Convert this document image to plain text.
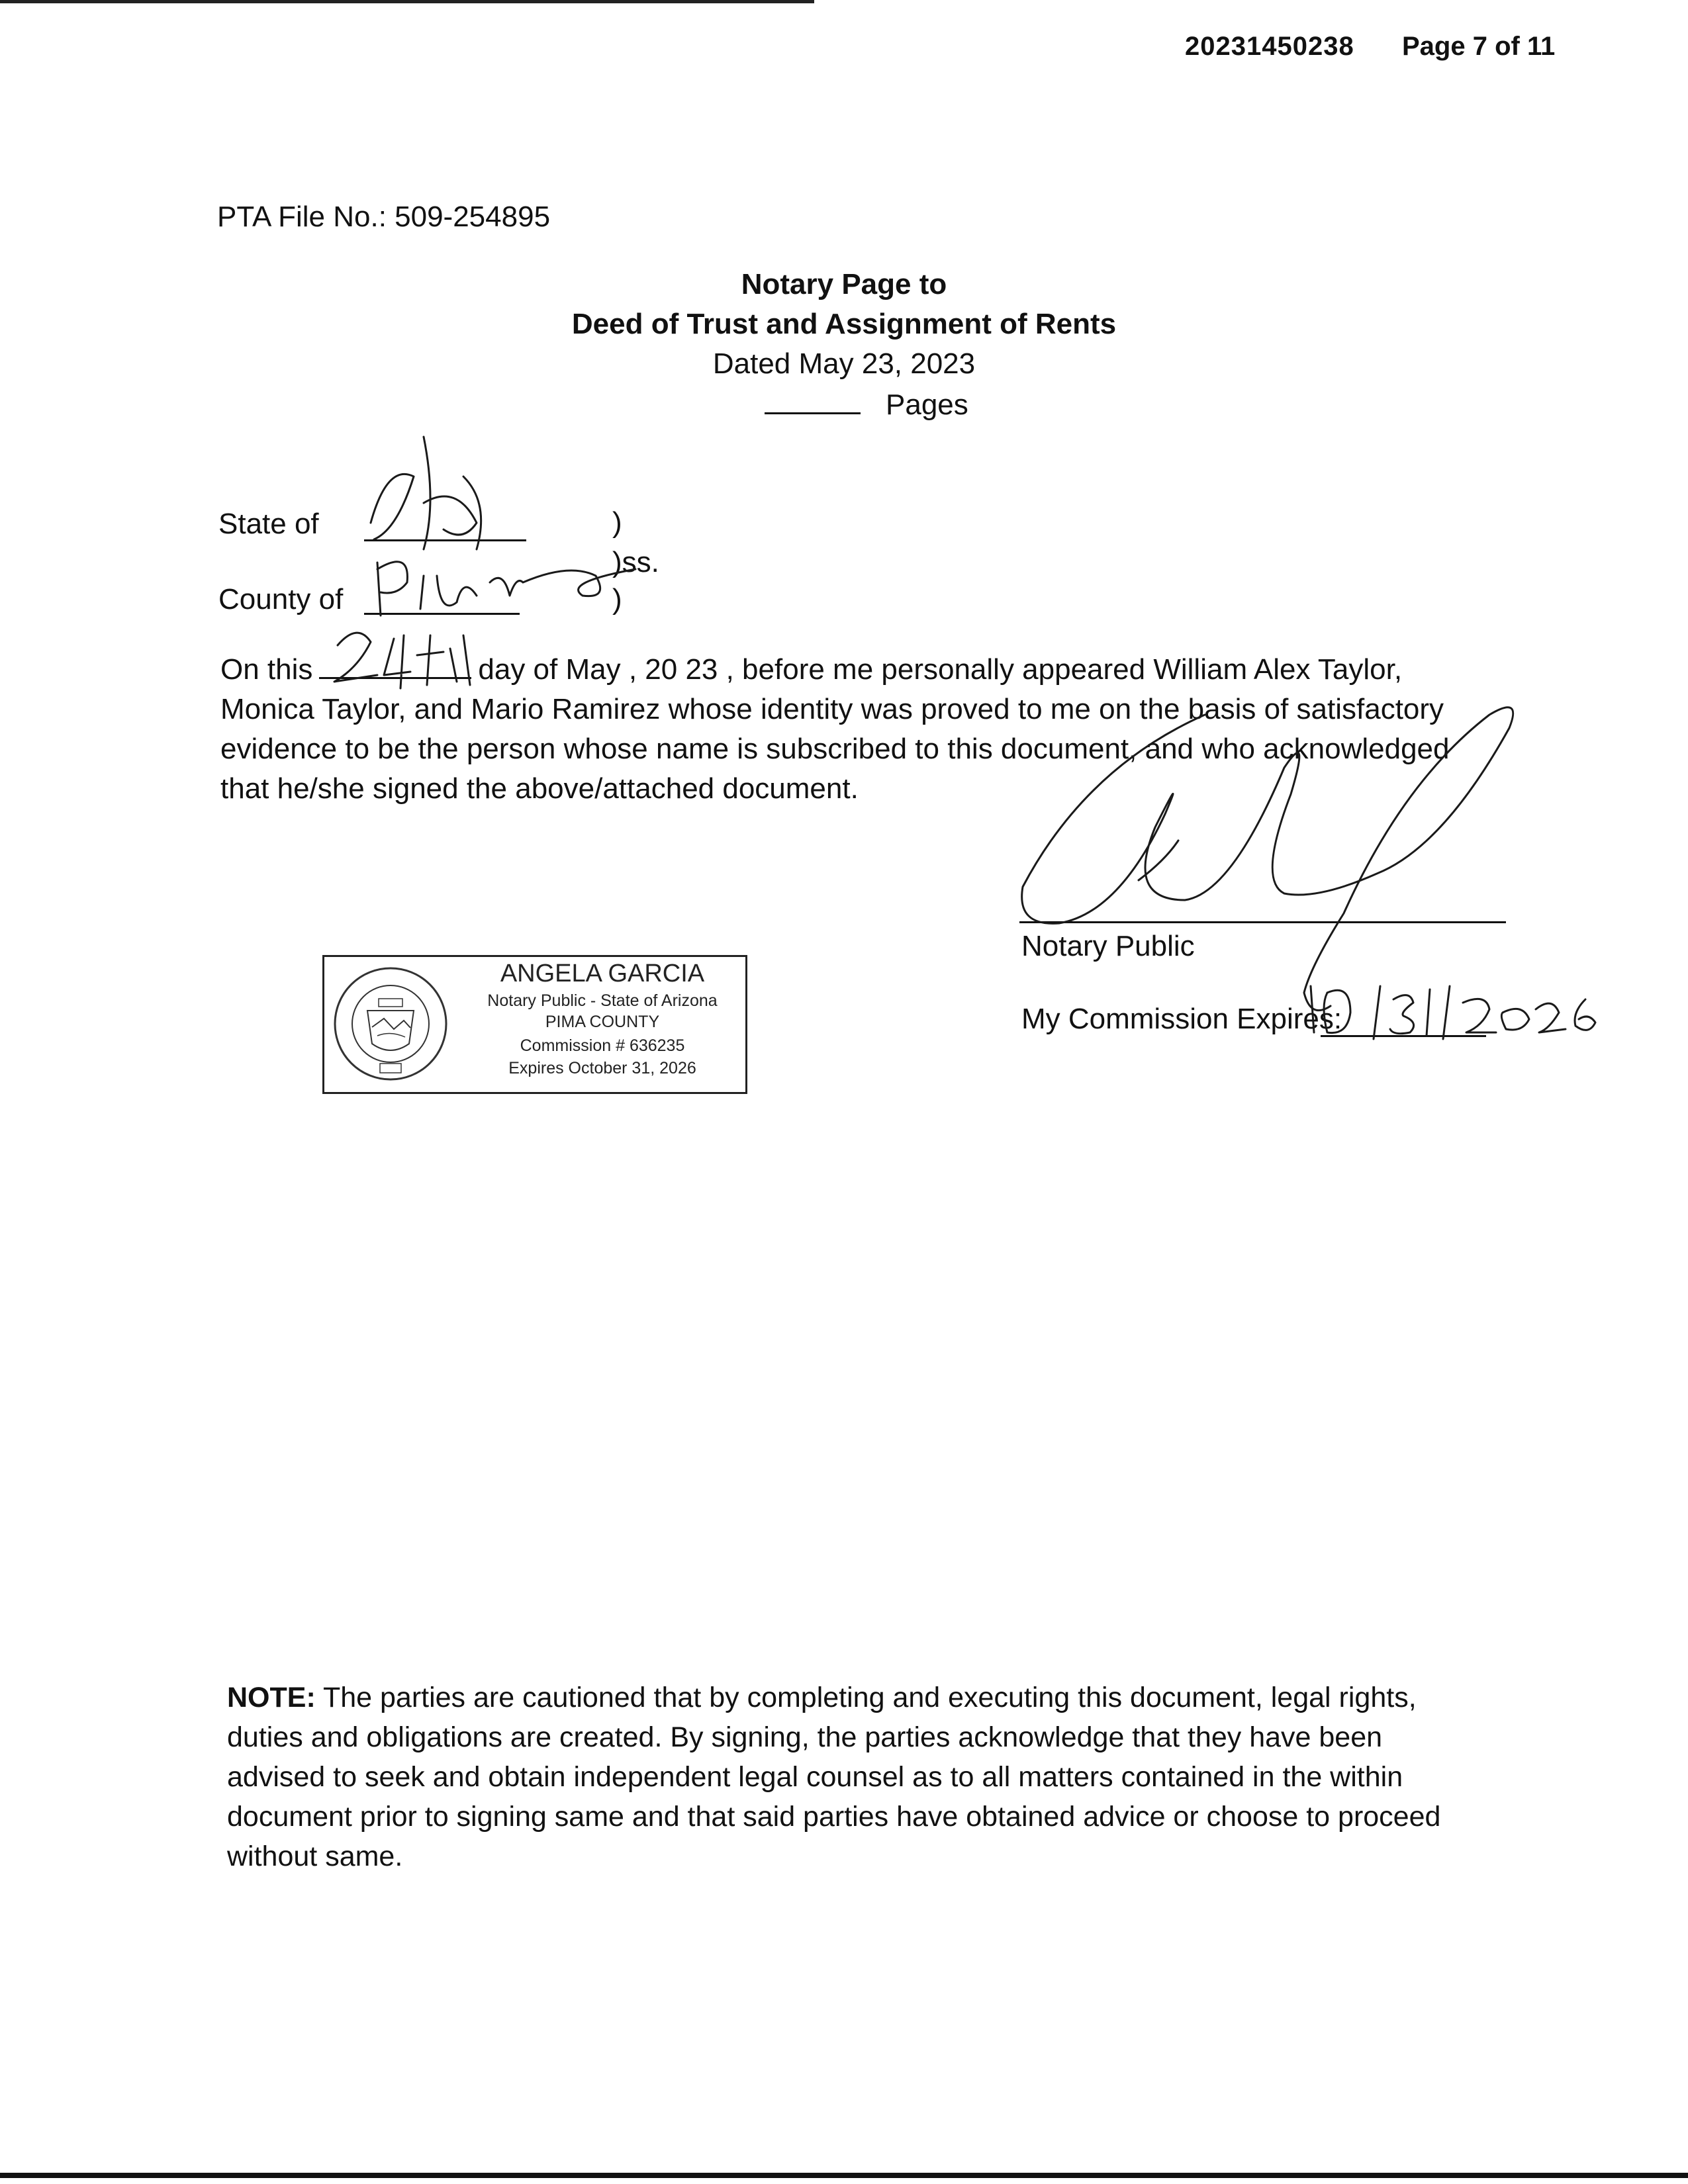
20231450238 Page 7 of 11
PTA File No.: 509-254895
Notary Page to
Deed of Trust and Assignment of Rents
Dated May 23, 2023
Pages
State of	)
)ss.
County of	)
On this	day of May , 20 23 , before me personally appeared William Alex Taylor,
Monica Taylor, and Mario Ramirez whose identity was proved to me on the basis of satisfactory
evidence to be the person whose name is subscribed to this document, and who acknowledged
that he/she signed the above/attached document.
Notary Public
My Commission Expires:
ANGELA GARCIA
Notary Public - State of Arizona
PIMA COUNTY
Commission # 636235
Expires October 31, 2026
NOTE: The parties are cautioned that by completing and executing this document, legal rights, duties and obligations are created. By signing, the parties acknowledge that they have been advised to seek and obtain independent legal counsel as to all matters contained in the within document prior to signing same and that said parties have obtained advice or choose to proceed without same.
